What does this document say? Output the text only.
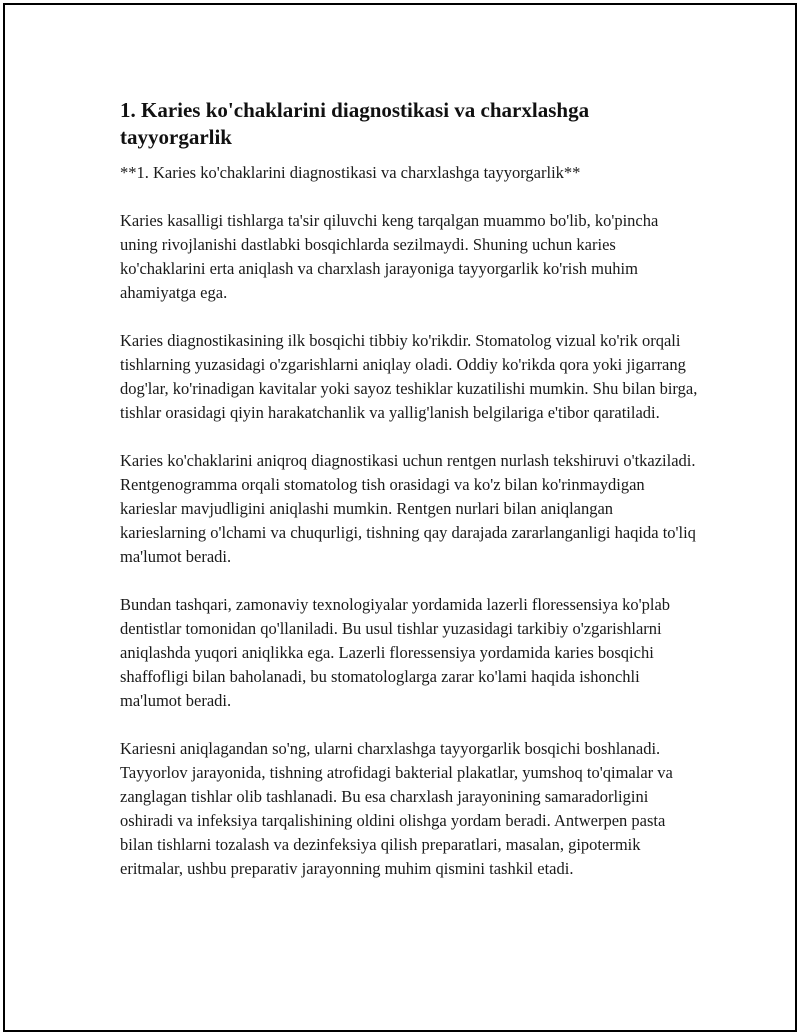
1. Karies ko'chaklarini diagnostikasi va charxlashga tayyorgarlik

**1. Karies ko'chaklarini diagnostikasi va charxlashga tayyorgarlik**

Karies kasalligi tishlarga ta'sir qiluvchi keng tarqalgan muammo bo'lib, ko'pincha uning rivojlanishi dastlabki bosqichlarda sezilmaydi. Shuning uchun karies ko'chaklarini erta aniqlash va charxlash jarayoniga tayyorgarlik ko'rish muhim ahamiyatga ega.

Karies diagnostikasining ilk bosqichi tibbiy ko'rikdir. Stomatolog vizual ko'rik orqali tishlarning yuzasidagi o'zgarishlarni aniqlay oladi. Oddiy ko'rikda qora yoki jigarrang dog'lar, ko'rinadigan kavitalar yoki sayoz teshiklar kuzatilishi mumkin. Shu bilan birga, tishlar orasidagi qiyin harakatchanlik va yallig'lanish belgilariga e'tibor qaratiladi.

Karies ko'chaklarini aniqroq diagnostikasi uchun rentgen nurlash tekshiruvi o'tkaziladi. Rentgenogramma orqali stomatolog tish orasidagi va ko'z bilan ko'rinmaydigan karieslar mavjudligini aniqlashi mumkin. Rentgen nurlari bilan aniqlangan karieslarning o'lchami va chuqurligi, tishning qay darajada zararlanganligi haqida to'liq ma'lumot beradi.

Bundan tashqari, zamonaviy texnologiyalar yordamida lazerli floressensiya ko'plab dentistlar tomonidan qo'llaniladi. Bu usul tishlar yuzasidagi tarkibiy o'zgarishlarni aniqlashda yuqori aniqlikka ega. Lazerli floressensiya yordamida karies bosqichi shaffofligi bilan baholanadi, bu stomatologlarga zarar ko'lami haqida ishonchli ma'lumot beradi.

Kariesni aniqlagandan so'ng, ularni charxlashga tayyorgarlik bosqichi boshlanadi. Tayyorlov jarayonida, tishning atrofidagi bakterial plakatlar, yumshoq to'qimalar va zanglagan tishlar olib tashlanadi. Bu esa charxlash jarayonining samaradorligini oshiradi va infeksiya tarqalishining oldini olishga yordam beradi. Antwerpen pasta bilan tishlarni tozalash va dezinfeksiya qilish preparatlari, masalan, gipotermik eritmalar, ushbu preparativ jarayonning muhim qismini tashkil etadi.
